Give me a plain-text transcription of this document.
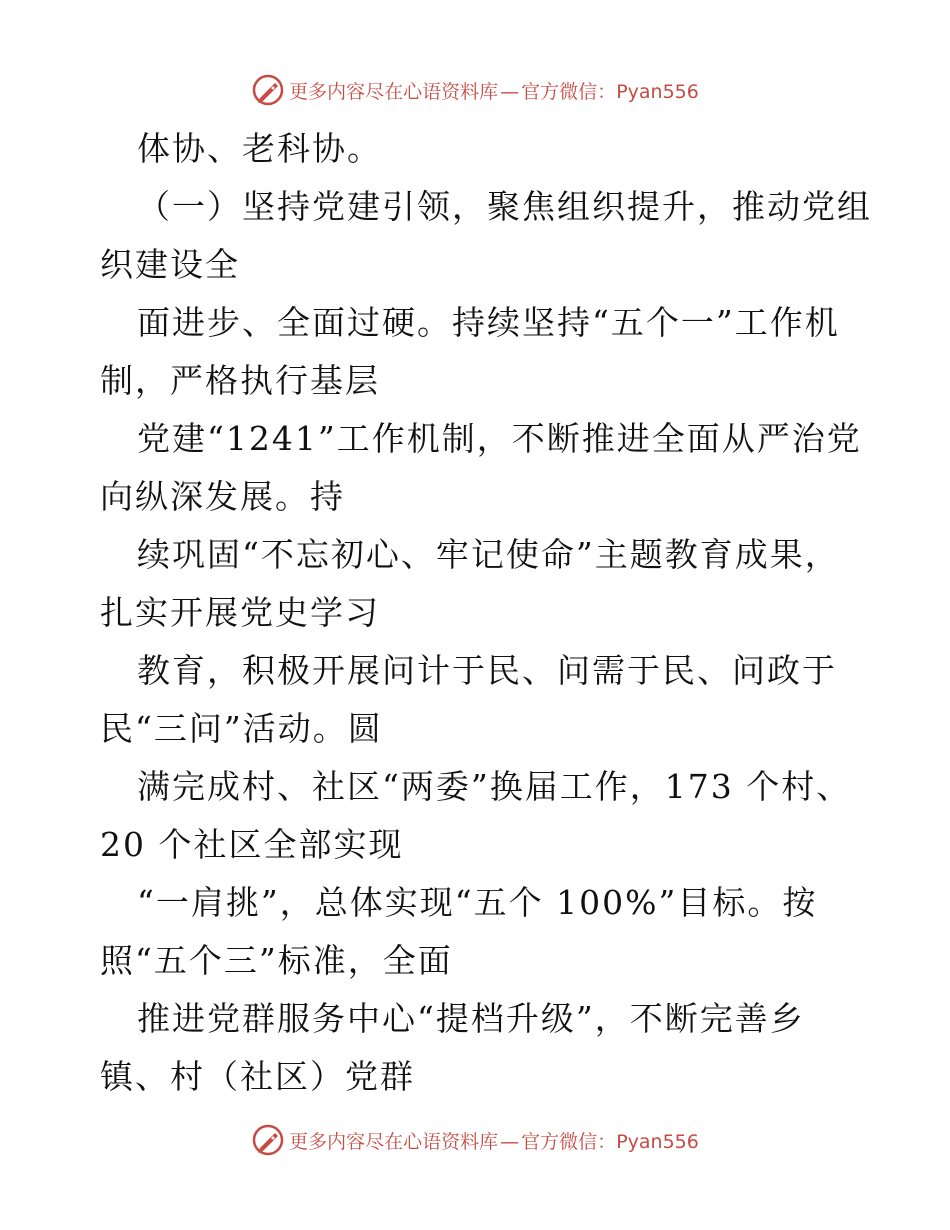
更多内容尽在心语资料库 — 官方微信：Pyan556
体协、老科协。
（一）坚持党建引领，聚焦组织提升，推动党组
织建设全
面进步、全面过硬。持续坚持“五个一”工作机
制，严格执行基层
党建“1241”工作机制，不断推进全面从严治党
向纵深发展。持
续巩固“不忘初心、牢记使命”主题教育成果，
扎实开展党史学习
教育，积极开展问计于民、问需于民、问政于
民“三问”活动。圆
满完成村、社区“两委”换届工作，173 个村、
20 个社区全部实现
“一肩挑”，总体实现“五个 100%”目标。按
照“五个三”标准，全面
推进党群服务中心“提档升级”，不断完善乡
镇、村（社区）党群
更多内容尽在心语资料库 — 官方微信：Pyan556
